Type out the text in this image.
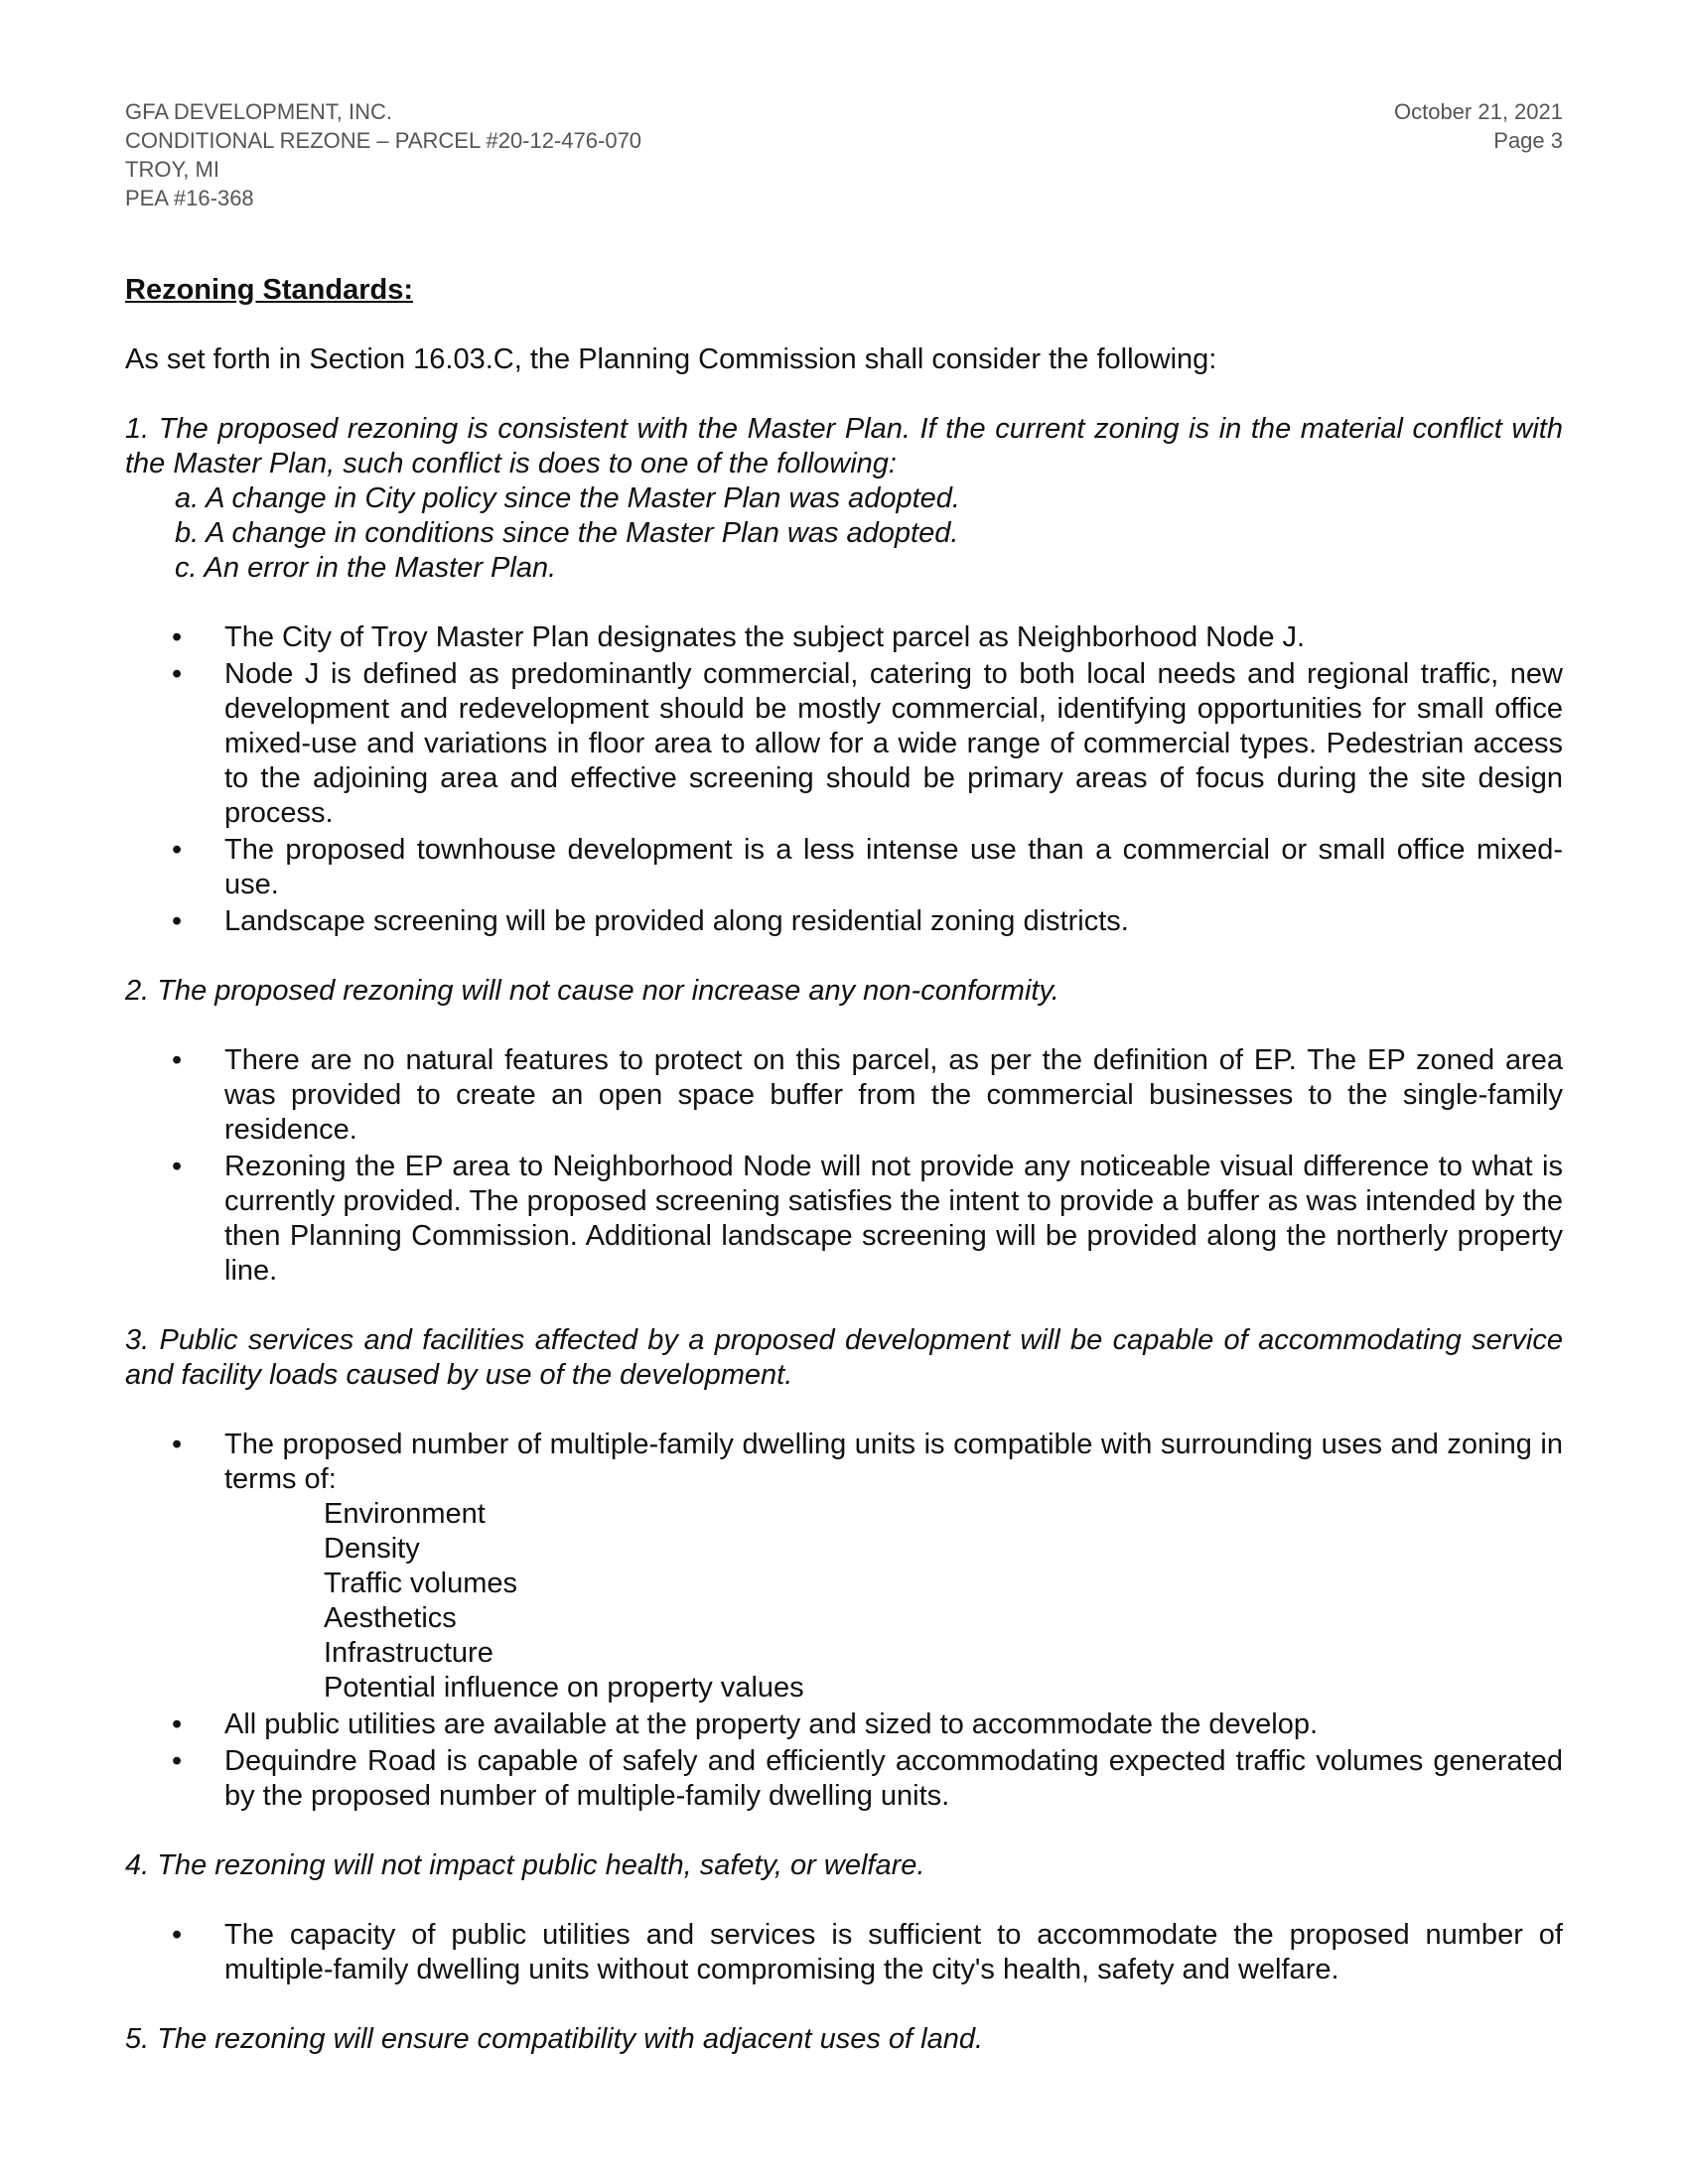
GFA DEVELOPMENT, INC.
CONDITIONAL REZONE – PARCEL #20-12-476-070
TROY, MI
PEA #16-368
October 21, 2021
Page 3

Rezoning Standards:

As set forth in Section 16.03.C, the Planning Commission shall consider the following:

1. The proposed rezoning is consistent with the Master Plan. If the current zoning is in the material conflict with the Master Plan, such conflict is does to one of the following:

a. A change in City policy since the Master Plan was adopted.
b. A change in conditions since the Master Plan was adopted.
c. An error in the Master Plan.
• The City of Troy Master Plan designates the subject parcel as Neighborhood Node J.
• Node J is defined as predominantly commercial, catering to both local needs and regional traffic, new development and redevelopment should be mostly commercial, identifying opportunities for small office mixed-use and variations in floor area to allow for a wide range of commercial types. Pedestrian access to the adjoining area and effective screening should be primary areas of focus during the site design process.
• The proposed townhouse development is a less intense use than a commercial or small office mixed-use.
• Landscape screening will be provided along residential zoning districts.

2. The proposed rezoning will not cause nor increase any non-conformity.

• There are no natural features to protect on this parcel, as per the definition of EP. The EP zoned area was provided to create an open space buffer from the commercial businesses to the single-family residence.
• Rezoning the EP area to Neighborhood Node will not provide any noticeable visual difference to what is currently provided. The proposed screening satisfies the intent to provide a buffer as was intended by the then Planning Commission. Additional landscape screening will be provided along the northerly property line.

3. Public services and facilities affected by a proposed development will be capable of accommodating service and facility loads caused by use of the development.

• The proposed number of multiple-family dwelling units is compatible with surrounding uses and zoning in terms of:
Environment
Density
Traffic volumes
Aesthetics
Infrastructure
Potential influence on property values
• All public utilities are available at the property and sized to accommodate the develop.
• Dequindre Road is capable of safely and efficiently accommodating expected traffic volumes generated by the proposed number of multiple-family dwelling units.

4. The rezoning will not impact public health, safety, or welfare.

• The capacity of public utilities and services is sufficient to accommodate the proposed number of multiple-family dwelling units without compromising the city's health, safety and welfare.

5. The rezoning will ensure compatibility with adjacent uses of land.
